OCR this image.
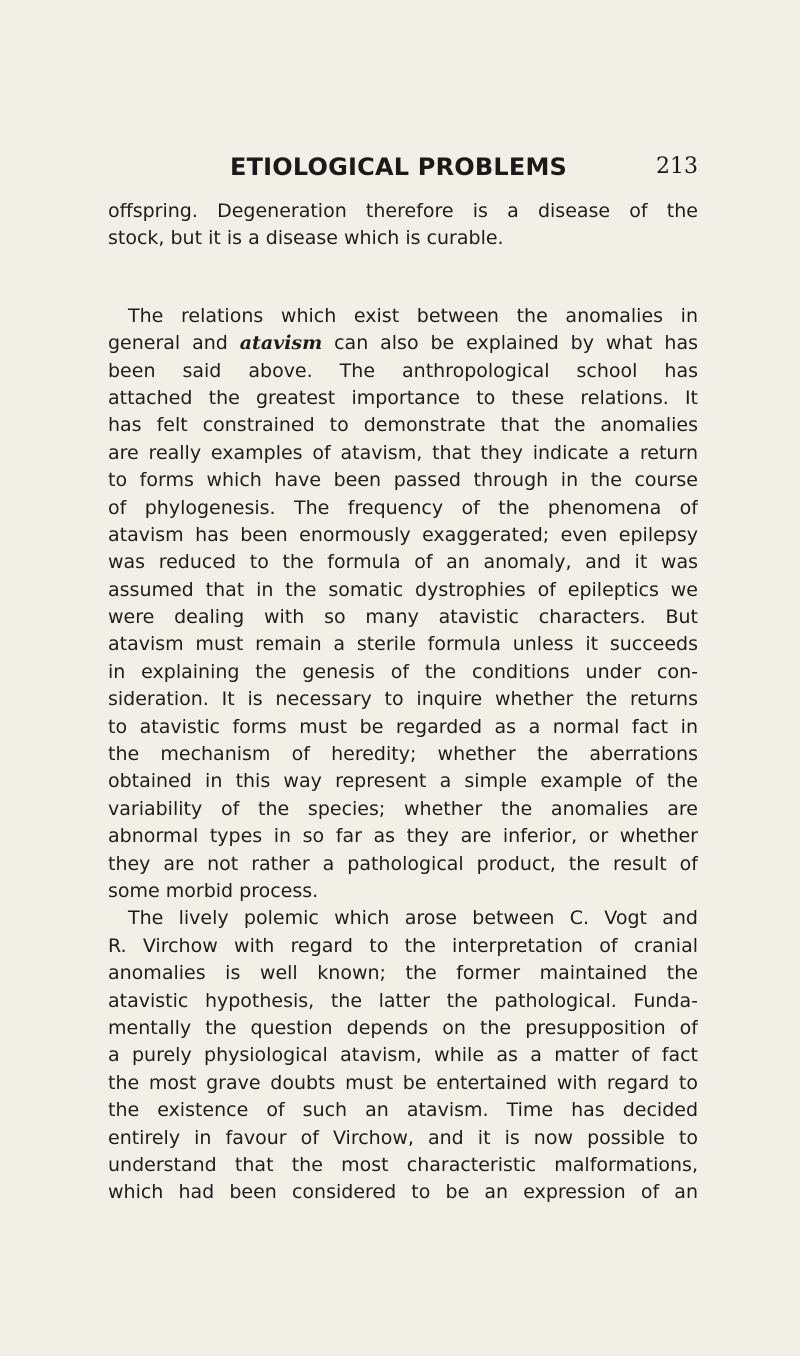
ETIOLOGICAL PROBLEMS	213
offspring. Degeneration therefore is a disease of the
stock, but it is a disease which is curable.
The relations which exist between the anomalies in
general and atavism can also be explained by what has
been said above. The anthropological school has
attached the greatest importance to these relations. It
has felt constrained to demonstrate that the anomalies
are really examples of atavism, that they indicate a return
to forms which have been passed through in the course
of phylogenesis. The frequency of the phenomena of
atavism has been enormously exaggerated; even epilepsy
was reduced to the formula of an anomaly, and it was
assumed that in the somatic dystrophies of epileptics we
were dealing with so many atavistic characters. But
atavism must remain a sterile formula unless it succeeds
in explaining the genesis of the conditions under con-
sideration. It is necessary to inquire whether the returns
to atavistic forms must be regarded as a normal fact in
the mechanism of heredity; whether the aberrations
obtained in this way represent a simple example of the
variability of the species; whether the anomalies are
abnormal types in so far as they are inferior, or whether
they are not rather a pathological product, the result of
some morbid process.
The lively polemic which arose between C. Vogt and
R. Virchow with regard to the interpretation of cranial
anomalies is well known; the former maintained the
atavistic hypothesis, the latter the pathological. Funda-
mentally the question depends on the presupposition of
a purely physiological atavism, while as a matter of fact
the most grave doubts must be entertained with regard to
the existence of such an atavism. Time has decided
entirely in favour of Virchow, and it is now possible to
understand that the most characteristic malformations,
which had been considered to be an expression of an
